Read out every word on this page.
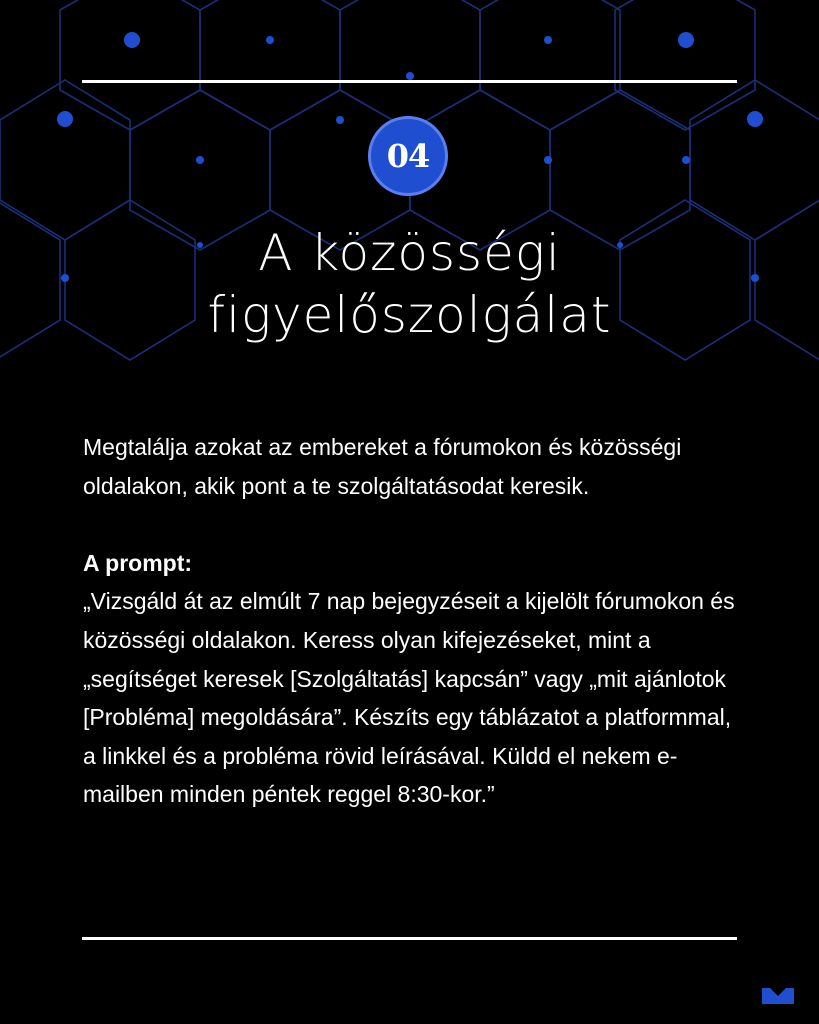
04
A közösségi
figyelőszolgálat

Megtalálja azokat az embereket a fórumokon és közösségi oldalakon, akik pont a te szolgáltatásodat keresik.

A prompt:

„Vizsgáld át az elmúlt 7 nap bejegyzéseit a kijelölt fórumokon és közösségi oldalakon. Keress olyan kifejezéseket, mint a „segítséget keresek [Szolgáltatás] kapcsán” vagy „mit ajánlotok [Probléma] megoldására”. Készíts egy táblázatot a platformmal, a linkkel és a probléma rövid leírásával. Küldd el nekem e-mailben minden péntek reggel 8:30-kor.”
